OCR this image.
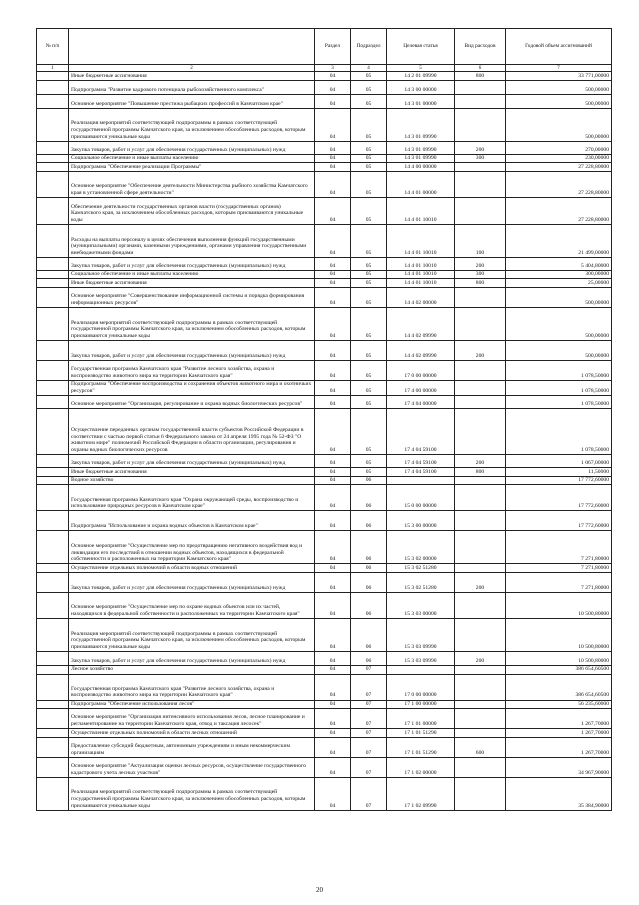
№ п/п		Раздел	Подраздел	Целевая статья	Вид расходов	Годовой объем ассигнований
1	2	3	4	5	6	7
	Иные бюджетные ассигнования	04	05	14 2 01 09990	800	33 771,00000
	Подпрограмма "Развитие кадрового потенциала рыбохозяйственного комплекса"	04	05	14 3 00 00000		500,00000
	Основное мероприятие "Повышение престижа рыбацких профессий в Камчатском крае"	04	05	14 3 01 00000		500,00000
	Реализация мероприятий соответствующей подпрограммы в рамках соответствующей государственной программы Камчатского края, за исключением обособленных расходов, которым присваиваются уникальные коды	04	05	14 3 01 09990		500,00000
	Закупка товаров, работ и услуг для обеспечения государственных (муниципальных) нужд	04	05	14 3 01 09990	200	270,00000
	Социальное обеспечение и иные выплаты населению	04	05	14 3 01 09990	300	230,00000
	Подпрограмма "Обеспечение реализации Программы"	04	05	14 4 00 00000		27 228,80000
	Основное мероприятие "Обеспечение деятельности Министерства рыбного хозяйства Камчатского края в установленной сфере деятельности"	04	05	14 4 01 00000		27 228,80000
	Обеспечение деятельности государственных органов власти (государственных органов) Камчатского края, за исключением обособленных расходов, которым присваиваются уникальные коды	04	05	14 4 01 10010		27 228,80000
	Расходы на выплаты персоналу в целях обеспечения выполнения функций государственными (муниципальными) органами, казенными учреждениями, органами управления государственными внебюджетными фондами	04	05	14 4 01 10010	100	21 499,00000
	Закупка товаров, работ и услуг для обеспечения государственных (муниципальных) нужд	04	05	14 4 01 10010	200	5 404,80000
	Социальное обеспечение и иные выплаты населению	04	05	14 4 01 10010	300	300,00000
	Иные бюджетные ассигнования	04	05	14 4 01 10010	800	25,00000
	Основное мероприятие "Совершенствование информационной системы и порядка формирования информационных ресурсов"	04	05	14 4 02 00000		500,00000
	Реализация мероприятий соответствующей подпрограммы в рамках соответствующей государственной программы Камчатского края, за исключением обособленных расходов, которым присваиваются уникальные коды	04	05	14 4 02 09990		500,00000
	Закупка товаров, работ и услуг для обеспечения государственных (муниципальных) нужд	04	05	14 4 02 09990	200	500,00000
	Государственная программа Камчатского края "Развитие лесного хозяйства, охрана и воспроизводство животного мира на территории Камчатского края"	04	05	17 0 00 00000		1 078,50000
	Подпрограмма "Обеспечение воспроизводства и сохранения объектов животного мира и охотничьих ресурсов"	04	05	17 4 00 00000		1 078,50000
	Основное мероприятие "Организация, регулирование и охрана водных биологических ресурсов"	04	05	17 4 04 00000		1 078,50000
	Осуществление переданных органам государственной власти субъектов Российской Федерации в соответствии с частью первой статьи 6 Федерального закона от 24 апреля 1995 года № 52-ФЗ "О животном мире" полномочий Российской Федерации в области организации, регулирования и охраны водных биологических ресурсов	04	05	17 4 04 59100		1 078,50000
	Закупка товаров, работ и услуг для обеспечения государственных (муниципальных) нужд	04	05	17 4 04 59100	200	1 067,00000
	Иные бюджетные ассигнования	04	05	17 4 04 59100	800	11,50000
	Водное хозяйство	04	06			17 772,60000
	Государственная программа Камчатского края "Охрана окружающей среды, воспроизводство и использование природных ресурсов в Камчатском крае"	04	06	15 0 00 00000		17 772,60000
	Подпрограмма "Использование и охрана водных объектов в Камчатском крае"	04	06	15 3 00 00000		17 772,60000
	Основное мероприятие "Осуществление мер по предотвращению негативного воздействия вод и ликвидации его последствий в отношении водных объектов, находящихся в федеральной собственности и расположенных на территории Камчатского края"	04	06	15 3 02 00000		7 271,80000
	Осуществление отдельных полномочий в области водных отношений	04	06	15 3 02 51280		7 271,80000
	Закупка товаров, работ и услуг для обеспечения государственных (муниципальных) нужд	04	06	15 3 02 51280	200	7 271,80000
	Основное мероприятие "Осуществление мер по охране водных объектов или их частей, находящихся в федеральной собственности и расположенных на территории Камчатского края"	04	06	15 3 03 00000		10 500,80000
	Реализация мероприятий соответствующей подпрограммы в рамках соответствующей государственной программы Камчатского края, за исключением обособленных расходов, которым присваиваются уникальные коды	04	06	15 3 03 09990		10 500,80000
	Закупка товаров, работ и услуг для обеспечения государственных (муниципальных) нужд	04	06	15 3 03 09990	200	10 500,80000
	Лесное хозяйство	04	07			386 654,60500
	Государственная программа Камчатского края "Развитие лесного хозяйства, охрана и воспроизводство животного мира на территории Камчатского края"	04	07	17 0 00 00000		386 654,60500
	Подпрограмма "Обеспечение использования лесов"	04	07	17 1 00 00000		56 235,60000
	Основное мероприятие "Организация интенсивного использования лесов, лесное планирование и регламентирование на территории Камчатского края, отвод и таксация лесосек"	04	07	17 1 01 00000		1 267,70000
	Осуществление отдельных полномочий в области лесных отношений	04	07	17 1 01 51290		1 267,70000
	Предоставление субсидий бюджетным, автономным учреждениям и иным некоммерческим организациям	04	07	17 1 01 51290	600	1 267,70000
	Основное мероприятие "Актуализация оценки лесных ресурсов, осуществление государственного кадастрового учета лесных участков"	04	07	17 1 02 00000		34 967,90000
	Реализация мероприятий соответствующей подпрограммы в рамках соответствующей государственной программы Камчатского края, за исключением обособленных расходов, которым присваиваются уникальные коды	04	07	17 1 02 09990		35 384,90000
20
